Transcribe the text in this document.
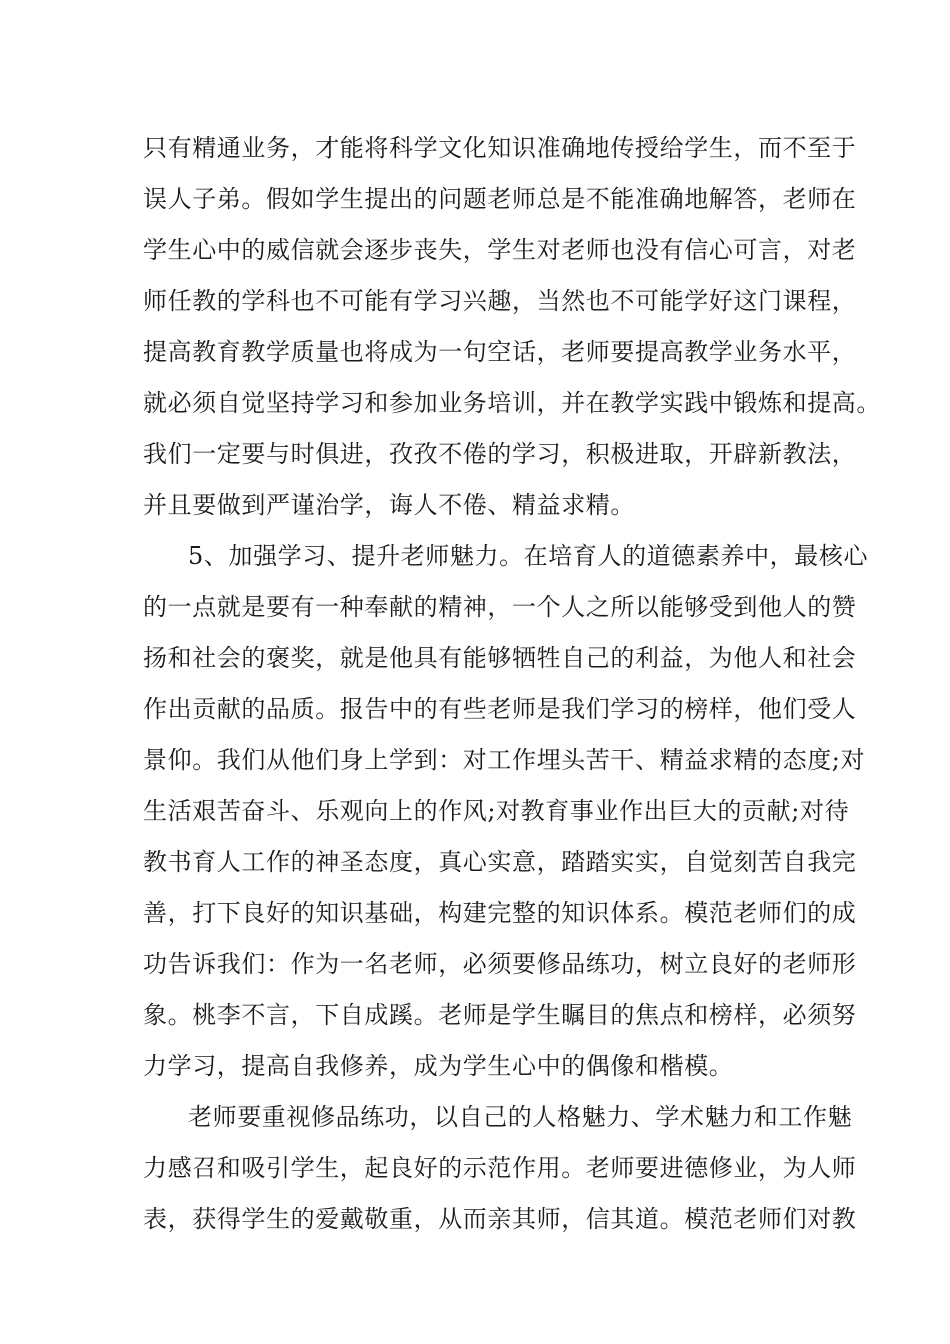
只有精通业务，才能将科学文化知识准确地传授给学生，而不至于
误人子弟。假如学生提出的问题老师总是不能准确地解答，老师在
学生心中的威信就会逐步丧失，学生对老师也没有信心可言，对老
师任教的学科也不可能有学习兴趣，当然也不可能学好这门课程，
提高教育教学质量也将成为一句空话，老师要提高教学业务水平，
就必须自觉坚持学习和参加业务培训，并在教学实践中锻炼和提高。
我们一定要与时俱进，孜孜不倦的学习，积极进取，开辟新教法，
并且要做到严谨治学，诲人不倦、精益求精。
5、加强学习、提升老师魅力。在培育人的道德素养中，最核心
的一点就是要有一种奉献的精神，一个人之所以能够受到他人的赞
扬和社会的褒奖，就是他具有能够牺牲自己的利益，为他人和社会
作出贡献的品质。报告中的有些老师是我们学习的榜样，他们受人
景仰。我们从他们身上学到：对工作埋头苦干、精益求精的态度;对
生活艰苦奋斗、乐观向上的作风;对教育事业作出巨大的贡献;对待
教书育人工作的神圣态度，真心实意，踏踏实实，自觉刻苦自我完
善，打下良好的知识基础，构建完整的知识体系。模范老师们的成
功告诉我们：作为一名老师，必须要修品练功，树立良好的老师形
象。桃李不言，下自成蹊。老师是学生瞩目的焦点和榜样，必须努
力学习，提高自我修养，成为学生心中的偶像和楷模。
老师要重视修品练功，以自己的人格魅力、学术魅力和工作魅
力感召和吸引学生，起良好的示范作用。老师要进德修业，为人师
表，获得学生的爱戴敬重，从而亲其师，信其道。模范老师们对教
